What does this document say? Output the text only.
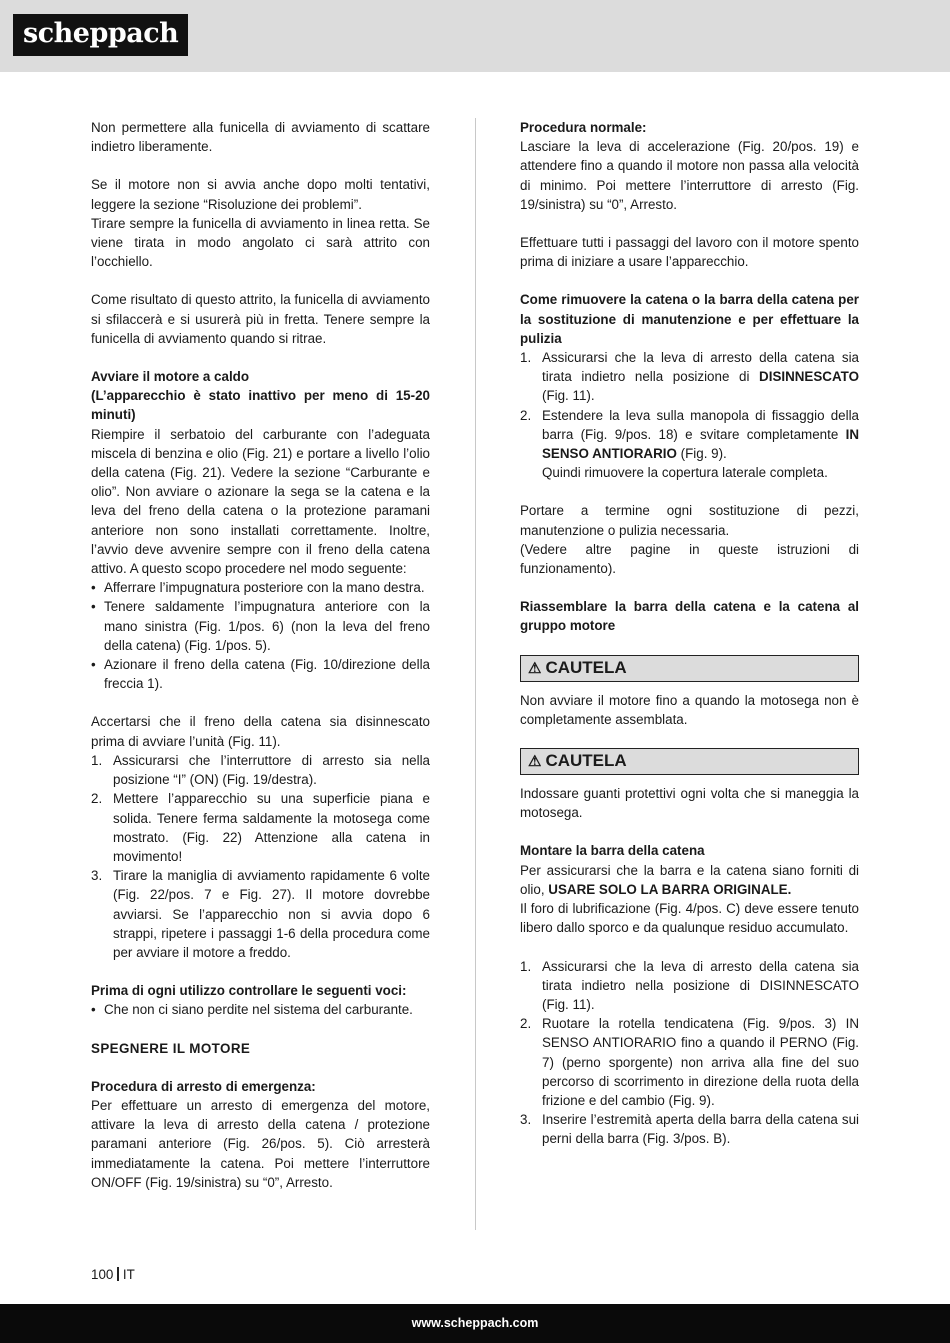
scheppach

Non permettere alla funicella di avviamento di scattare indietro liberamente.

Se il motore non si avvia anche dopo molti tentativi, leggere la sezione “Risoluzione dei problemi”.

Tirare sempre la funicella di avviamento in linea retta. Se viene tirata in modo angolato ci sarà attrito con l’occhiello.

Come risultato di questo attrito, la funicella di avviamento si sfilaccerà e si usurerà più in fretta. Tenere sempre la funicella di avviamento quando si ritrae.

Avviare il motore a caldo

(L’apparecchio è stato inattivo per meno di 15-20 minuti)

Riempire il serbatoio del carburante con l’adeguata miscela di benzina e olio (Fig. 21) e portare a livello l’olio della catena (Fig. 21). Vedere la sezione “Carburante e olio”. Non avviare o azionare la sega se la catena e la leva del freno della catena o la protezione paramani anteriore non sono installati correttamente. Inoltre, l’avvio deve avvenire sempre con il freno della catena attivo. A questo scopo procedere nel modo seguente:

• Afferrare l’impugnatura posteriore con la mano destra.
• Tenere saldamente l’impugnatura anteriore con la mano sinistra (Fig. 1/pos. 6) (non la leva del freno della catena) (Fig. 1/pos. 5).
• Azionare il freno della catena (Fig. 10/direzione della freccia 1).

Accertarsi che il freno della catena sia disinnescato prima di avviare l’unità (Fig. 11).

1. Assicurarsi che l’interruttore di arresto sia nella posizione “I” (ON) (Fig. 19/destra).
2. Mettere l’apparecchio su una superficie piana e solida. Tenere ferma saldamente la motosega come mostrato. (Fig. 22) Attenzione alla catena in movimento!
3. Tirare la maniglia di avviamento rapidamente 6 volte (Fig. 22/pos. 7 e Fig. 27). Il motore dovrebbe avviarsi. Se l’apparecchio non si avvia dopo 6 strappi, ripetere i passaggi 1-6 della procedura come per avviare il motore a freddo.

Prima di ogni utilizzo controllare le seguenti voci:

• Che non ci siano perdite nel sistema del carburante.

SPEGNERE IL MOTORE

Procedura di arresto di emergenza:

Per effettuare un arresto di emergenza del motore, attivare la leva di arresto della catena / protezione paramani anteriore (Fig. 26/pos. 5). Ciò arresterà immediatamente la catena. Poi mettere l’interruttore ON/OFF (Fig. 19/sinistra) su “0”, Arresto.

Procedura normale:

Lasciare la leva di accelerazione (Fig. 20/pos. 19) e attendere fino a quando il motore non passa alla velocità di minimo. Poi mettere l’interruttore di arresto (Fig. 19/sinistra) su “0”, Arresto.

Effettuare tutti i passaggi del lavoro con il motore spento prima di iniziare a usare l’apparecchio.

Come rimuovere la catena o la barra della catena per la sostituzione di manutenzione e per effettuare la pulizia

1. Assicurarsi che la leva di arresto della catena sia tirata indietro nella posizione di DISINNESCATO (Fig. 11).
2. Estendere la leva sulla manopola di fissaggio della barra (Fig. 9/pos. 18) e svitare completamente IN SENSO ANTIORARIO (Fig. 9).

Quindi rimuovere la copertura laterale completa.

Portare a termine ogni sostituzione di pezzi, manutenzione o pulizia necessaria.

(Vedere altre pagine in queste istruzioni di funzionamento).

Riassemblare la barra della catena e la catena al gruppo motore

⚠ CAUTELA

Non avviare il motore fino a quando la motosega non è completamente assemblata.

⚠ CAUTELA

Indossare guanti protettivi ogni volta che si maneggia la motosega.

Montare la barra della catena

Per assicurarsi che la barra e la catena siano forniti di olio, USARE SOLO LA BARRA ORIGINALE.

Il foro di lubrificazione (Fig. 4/pos. C) deve essere tenuto libero dallo sporco e da qualunque residuo accumulato.

1. Assicurarsi che la leva di arresto della catena sia tirata indietro nella posizione di DISINNESCATO (Fig. 11).
2. Ruotare la rotella tendicatena (Fig. 9/pos. 3) IN SENSO ANTIORARIO fino a quando il PERNO (Fig. 7) (perno sporgente) non arriva alla fine del suo percorso di scorrimento in direzione della ruota della frizione e del cambio (Fig. 9).
3. Inserire l’estremità aperta della barra della catena sui perni della barra (Fig. 3/pos. B).
100 IT
www.scheppach.com
